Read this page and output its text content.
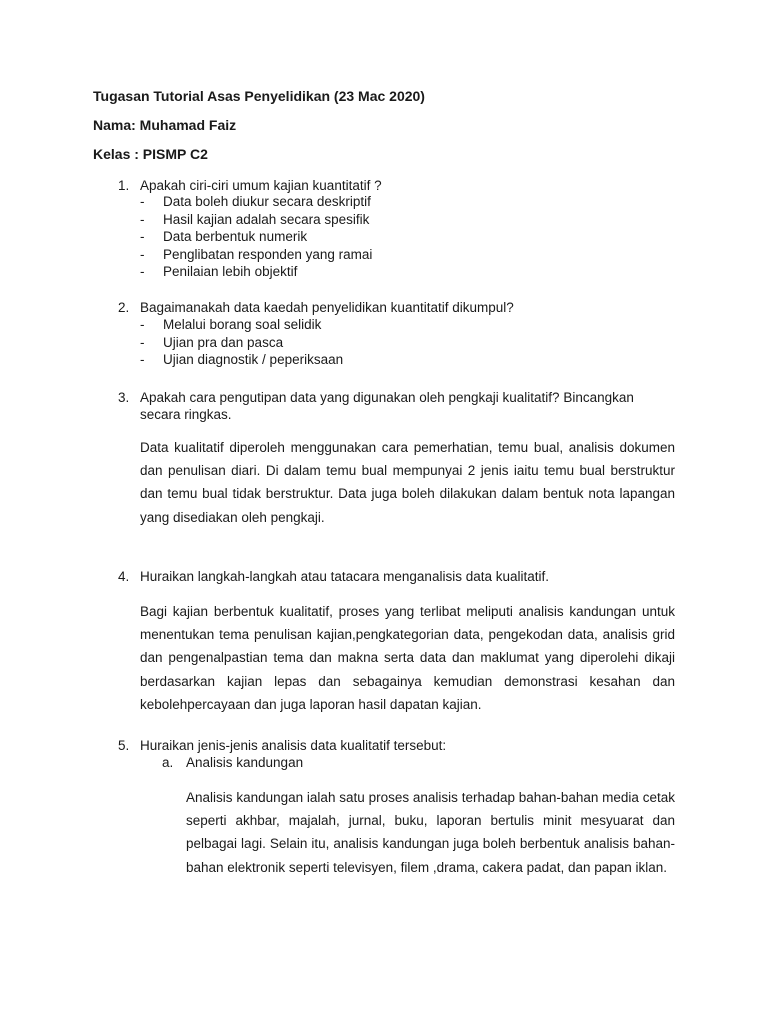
Tugasan Tutorial Asas Penyelidikan (23 Mac 2020)
Nama: Muhamad Faiz
Kelas : PISMP C2
1. Apakah ciri-ciri umum kajian kuantitatif ?
- Data boleh diukur secara deskriptif
- Hasil kajian adalah secara spesifik
- Data berbentuk numerik
- Penglibatan responden yang ramai
- Penilaian lebih objektif
2. Bagaimanakah data kaedah penyelidikan kuantitatif dikumpul?
- Melalui borang soal selidik
- Ujian pra dan pasca
- Ujian diagnostik / peperiksaan
3. Apakah cara pengutipan data yang digunakan oleh pengkaji kualitatif? Bincangkan secara ringkas.

Data kualitatif diperoleh menggunakan cara pemerhatian, temu bual, analisis dokumen dan penulisan diari. Di dalam temu bual mempunyai 2 jenis iaitu temu bual berstruktur dan temu bual tidak berstruktur. Data juga boleh dilakukan dalam bentuk nota lapangan yang disediakan oleh pengkaji.

4. Huraikan langkah-langkah atau tatacara menganalisis data kualitatif.

Bagi kajian berbentuk kualitatif, proses yang terlibat meliputi analisis kandungan untuk menentukan tema penulisan kajian,pengkategorian data, pengekodan data, analisis grid dan pengenalpastian tema dan makna serta data dan maklumat yang diperolehi dikaji berdasarkan kajian lepas dan sebagainya kemudian demonstrasi kesahan dan kebolehpercayaan dan juga laporan hasil dapatan kajian.

5. Huraikan jenis-jenis analisis data kualitatif tersebut:
a. Analisis kandungan

Analisis kandungan ialah satu proses analisis terhadap bahan-bahan media cetak seperti akhbar, majalah, jurnal, buku, laporan bertulis minit mesyuarat dan pelbagai lagi. Selain itu, analisis kandungan juga boleh berbentuk analisis bahan-bahan elektronik seperti televisyen, filem ,drama, cakera padat, dan papan iklan.
